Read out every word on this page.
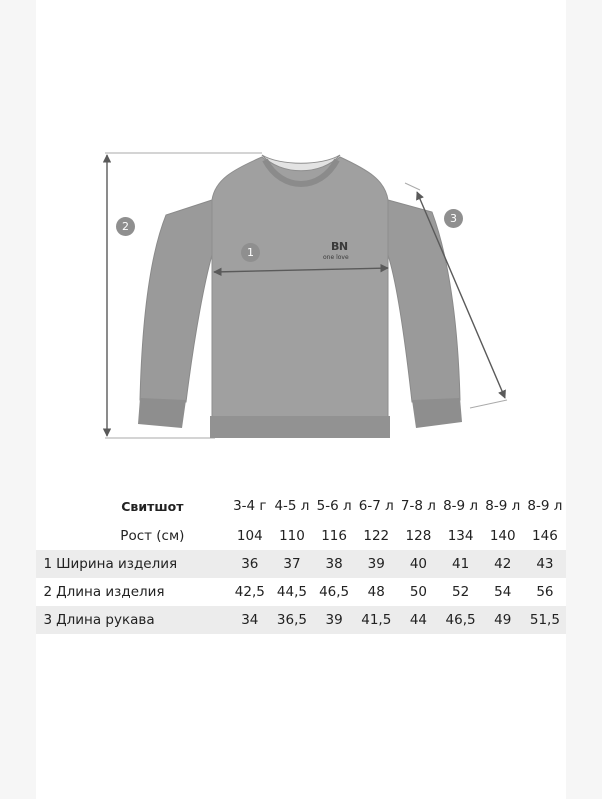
2
1
3
BN
one love
Свитшот		3-4 г	4-5 л	5-6 л	6-7 л	7-8 л	8-9 л	8-9 л	8-9 л
Рост (см)		104	110	116	122	128	134	140	146
1	Ширина изделия	36	37	38	39	40	41	42	43
2	Длина изделия	42,5	44,5	46,5	48	50	52	54	56
3	Длина рукава	34	36,5	39	41,5	44	46,5	49	51,5
